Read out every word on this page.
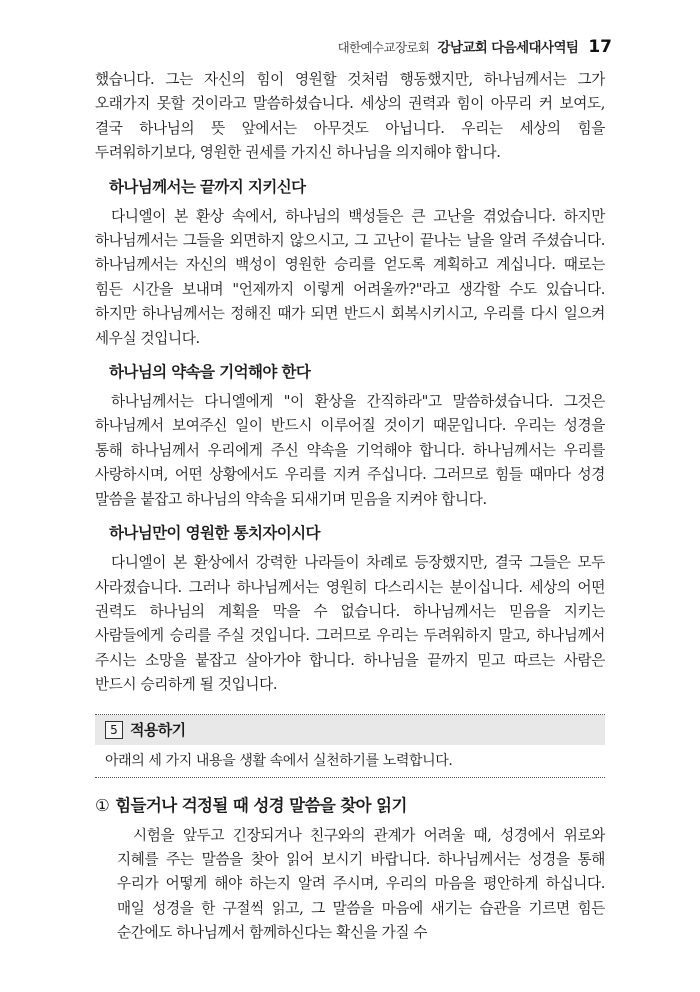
대한예수교장로회 강남교회 다음세대사역팀 17

했습니다. 그는 자신의 힘이 영원할 것처럼 행동했지만, 하나님께서는 그가 오래가지 못할 것이라고 말씀하셨습니다. 세상의 권력과 힘이 아무리 커 보여도, 결국 하나님의 뜻 앞에서는 아무것도 아닙니다. 우리는 세상의 힘을 두려워하기보다, 영원한 권세를 가지신 하나님을 의지해야 합니다.

하나님께서는 끝까지 지키신다

다니엘이 본 환상 속에서, 하나님의 백성들은 큰 고난을 겪었습니다. 하지만 하나님께서는 그들을 외면하지 않으시고, 그 고난이 끝나는 날을 알려 주셨습니다. 하나님께서는 자신의 백성이 영원한 승리를 얻도록 계획하고 계십니다. 때로는 힘든 시간을 보내며 "언제까지 이렇게 어려울까?"라고 생각할 수도 있습니다. 하지만 하나님께서는 정해진 때가 되면 반드시 회복시키시고, 우리를 다시 일으켜 세우실 것입니다.

하나님의 약속을 기억해야 한다

하나님께서는 다니엘에게 "이 환상을 간직하라"고 말씀하셨습니다. 그것은 하나님께서 보여주신 일이 반드시 이루어질 것이기 때문입니다. 우리는 성경을 통해 하나님께서 우리에게 주신 약속을 기억해야 합니다. 하나님께서는 우리를 사랑하시며, 어떤 상황에서도 우리를 지켜 주십니다. 그러므로 힘들 때마다 성경 말씀을 붙잡고 하나님의 약속을 되새기며 믿음을 지켜야 합니다.

하나님만이 영원한 통치자이시다

다니엘이 본 환상에서 강력한 나라들이 차례로 등장했지만, 결국 그들은 모두 사라졌습니다. 그러나 하나님께서는 영원히 다스리시는 분이십니다. 세상의 어떤 권력도 하나님의 계획을 막을 수 없습니다. 하나님께서는 믿음을 지키는 사람들에게 승리를 주실 것입니다. 그러므로 우리는 두려워하지 말고, 하나님께서 주시는 소망을 붙잡고 살아가야 합니다. 하나님을 끝까지 믿고 따르는 사람은 반드시 승리하게 될 것입니다.

5 적용하기

아래의 세 가지 내용을 생활 속에서 실천하기를 노력합니다.

① 힘들거나 걱정될 때 성경 말씀을 찾아 읽기

시험을 앞두고 긴장되거나 친구와의 관계가 어려울 때, 성경에서 위로와 지혜를 주는 말씀을 찾아 읽어 보시기 바랍니다. 하나님께서는 성경을 통해 우리가 어떻게 해야 하는지 알려 주시며, 우리의 마음을 평안하게 하십니다. 매일 성경을 한 구절씩 읽고, 그 말씀을 마음에 새기는 습관을 기르면 힘든 순간에도 하나님께서 함께하신다는 확신을 가질 수
